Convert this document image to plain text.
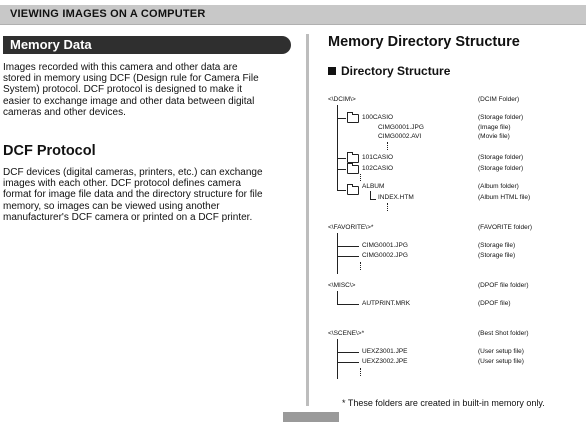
VIEWING IMAGES ON A COMPUTER
Memory Data

Images recorded with this camera and other data are
stored in memory using DCF (Design rule for Camera File
System) protocol. DCF protocol is designed to make it
easier to exchange image and other data between digital
cameras and other devices.

DCF Protocol

DCF devices (digital cameras, printers, etc.) can exchange
images with each other. DCF protocol defines camera
format for image file data and the directory structure for file
memory, so images can be viewed using another
manufacturer's DCF camera or printed on a DCF printer.

Memory Directory Structure
Directory Structure
<\DCIM\>	(DCIM Folder)
100CASIO	(Storage folder)
CIMG0001.JPG	(Image file)
CIMG0002.AVI	(Movie file)
101CASIO	(Storage folder)
102CASIO	(Storage folder)
ALBUM	(Album folder)
INDEX.HTM	(Album HTML file)
<\FAVORITE\>*	(FAVORITE folder)
CIMG0001.JPG	(Storage file)
CIMG0002.JPG	(Storage file)
<\MISC\>	(DPOF file folder)
AUTPRINT.MRK	(DPOF file)
<\SCENE\>*	(Best Shot folder)
UEXZ3001.JPE	(User setup file)
UEXZ3002.JPE	(User setup file)
* These folders are created in built-in memory only.
